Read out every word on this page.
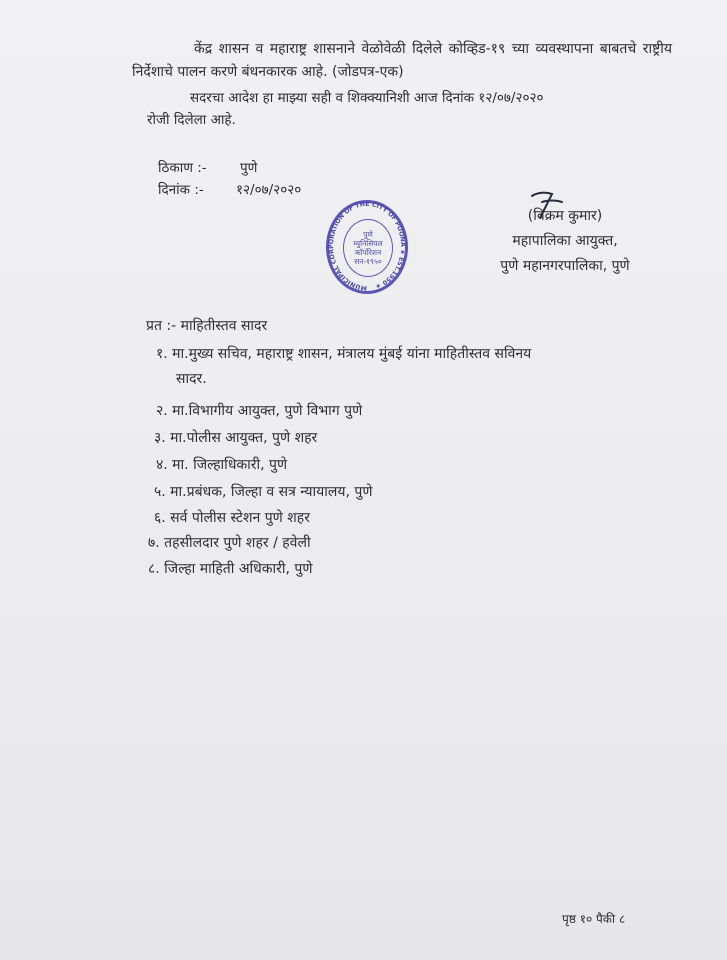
केंद्र शासन व महाराष्ट्र शासनाने वेळोवेळी दिलेले कोव्हिड-१९ च्या व्यवस्थापना बाबतचे राष्ट्रीय निर्देशाचे पालन करणे बंधनकारक आहे. (जोडपत्र-एक)
सदरचा आदेश हा माझ्या सही व शिक्क्यानिशी आज दिनांक १२/०७/२०२०
रोजी दिलेला आहे.
ठिकाण :- पुणे
दिनांक :- १२/०७/२०२०
MUNICIPAL CORPORATION OF THE CITY OF POONA ★ EST.1950 ★
पुणे
म्युनिसिपल
कॉर्पोरेशन
सन-१९५०
(विक्रम कुमार)
महापालिका आयुक्त,
पुणे महानगरपालिका, पुणे
प्रत :- माहितीस्तव सादर
१. मा.मुख्य सचिव, महाराष्ट्र शासन, मंत्रालय मुंबई यांना माहितीस्तव सविनय
सादर.
२. मा.विभागीय आयुक्त, पुणे विभाग पुणे
३. मा.पोलीस आयुक्त, पुणे शहर
४. मा. जिल्हाधिकारी, पुणे
५. मा.प्रबंधक, जिल्हा व सत्र न्यायालय, पुणे
६. सर्व पोलीस स्टेशन पुणे शहर
७. तहसीलदार पुणे शहर / हवेली
८. जिल्हा माहिती अधिकारी, पुणे
पृष्ठ १० पैकी ८
